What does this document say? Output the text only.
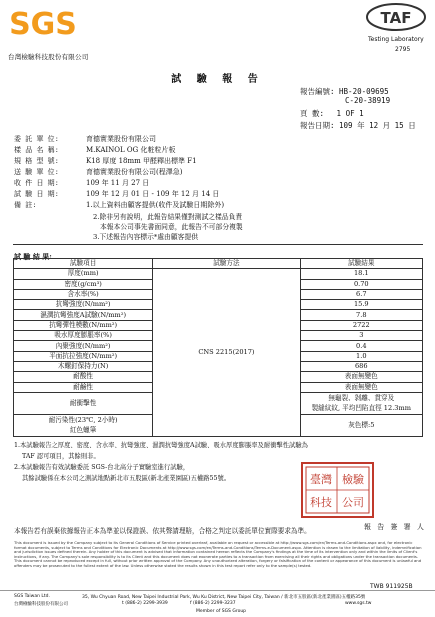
SGS
台灣檢驗科技股份有限公司
TAF
Testing Laboratory
2795
試 驗 報 告
報告編號: HB-20-09695
C-20-38919
頁 數: 1 OF 1
報告日期: 109 年 12 月 15 日
委 託 單 位:	育德實業股份有限公司
樣 品 名 稱:	M.KAINOL OG 化粧粒片板
規 格 型 號:	K18 厚度 18mm 甲醛釋出標準 F1
送 驗 單 位:	育德實業股份有限公司(程澤急)
收 件 日 期:	109 年 11 月 27 日
試 驗 日 期:	109 年 12 月 01 日 - 109 年 12 月 14 日
備 註:	1.以上資料由顧客提供(收件及試驗日期除外)
2.除非另有說明，此報告結果僅對測試之樣品負責
本報本公司事先書面同意，此報告不可部分複製
3.下述報告內容標示*處由顧客提供
試 驗 結 果:
試驗項目	試驗方法	試驗結果
厚度(mm)	CNS 2215(2017)	18.1
密度(g/cm³)		0.70
含水率(%)		6.7
抗彎強度(N/mm²)		15.9
濕潤抗彎強度A試驗(N/mm²)		7.8
抗彎彈性模數(N/mm²)		2722
吸水厚度膨脹率(%)		3
內聚強度(N/mm²)		0.4
平面抗拉強度(N/mm²)		1.0
木螺釘保持力(N)		686
耐酸性		表面無變色
耐鹼性		表面無變色
耐衝擊性		無龜裂、剝離、貫穿及
製縫紋紋, 平均凹陷直徑 12.3mm
耐污染性(23℃, 2小時)
紅色蠟筆		灰色標:5
1.本試驗報告之厚度、密度、含水率、抗彎強度、濕潤抗彎強度A試驗、吸水厚度膨脹率及耐衝擊性試驗為
TAF 認可項目，其餘則非。
2.本試驗報告有效試驗委託 SGS-台北高分子實驗室進行試驗，
其餘試驗係在本公司之測試地點新北市五股區(新北產業園區)五權路55號。	臺灣 檢驗
科技 公司
本報告若有誤棄依據報告正本為準並以保證誤、依其聲請理賠，合格之判定以委託單位實際要求為準。	報 告 簽 署 人
This document is issued by the Company subject to its General Conditions of Service printed overleaf, available on request or accessible at http://www.sgs.com/en/Terms-and-Conditions.aspx and, for electronic format documents, subject to Terms and Conditions for Electronic Documents at http://www.sgs.com/en/Terms-and-Conditions/Terms-e-Document.aspx. Attention is drawn to the limitation of liability, indemnification and jurisdiction issues defined therein. Any holder of this document is advised that information contained hereon reflects the Company's findings at the time of its intervention only and within the limits of Client's instructions, if any. The Company's sole responsibility is to its Client and this document does not exonerate parties to a transaction from exercising all their rights and obligations under the transaction documents. This document cannot be reproduced except in full, without prior written approval of the Company. Any unauthorized alteration, forgery or falsification of the content or appearance of this document is unlawful and offenders may be prosecuted to the fullest extent of the law. Unless otherwise stated the results shown in this test report refer only to the sample(s) tested.
SGS Taiwan Ltd.
台灣檢驗科技股份有限公司
35, Wu Chyuan Road, New Taipei Industrial Park, Wu Ku District, New Taipei City, Taiwan / 新北市五股區(新北產業園區)五權路35號
t (886-2) 2299-3939	f (886-2) 2299-3237	www.sgs.tw
TWB 911925B
Member of SGS Group
